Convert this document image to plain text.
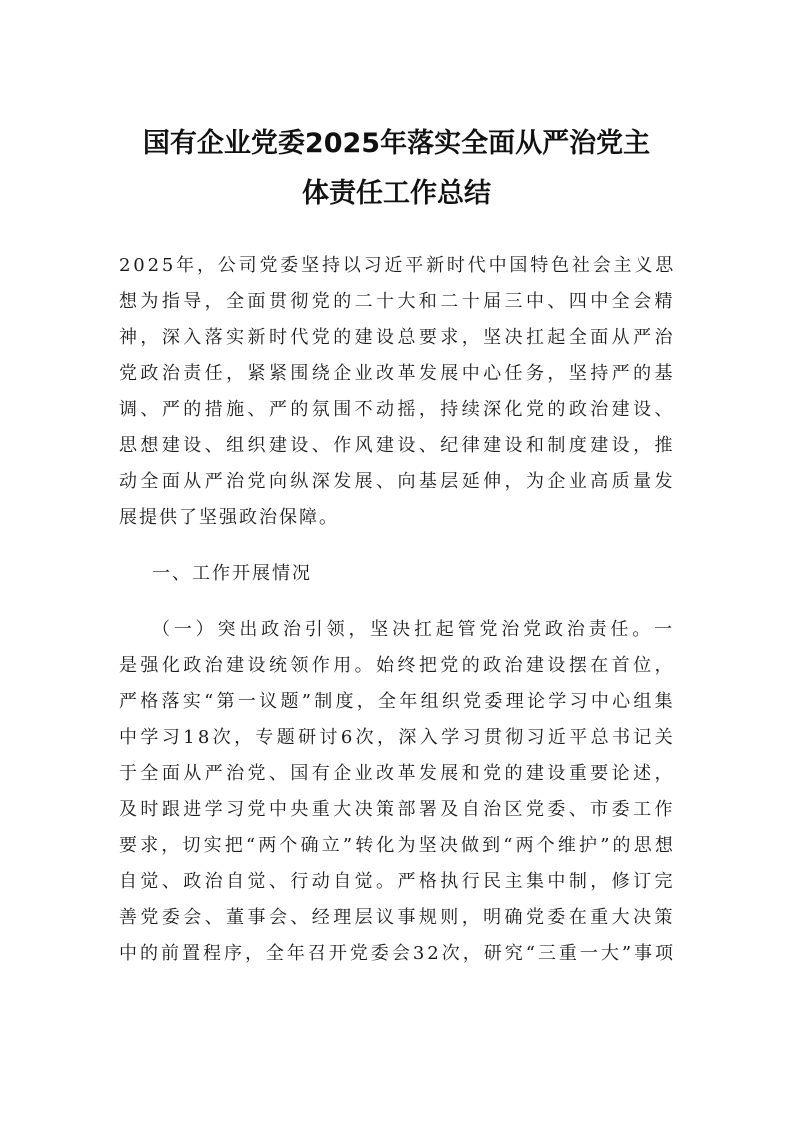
国有企业党委2025年落实全面从严治党主
体责任工作总结
2025年，公司党委坚持以习近平新时代中国特色社会主义思
想为指导，全面贯彻党的二十大和二十届三中、四中全会精
神，深入落实新时代党的建设总要求，坚决扛起全面从严治
党政治责任，紧紧围绕企业改革发展中心任务，坚持严的基
调、严的措施、严的氛围不动摇，持续深化党的政治建设、
思想建设、组织建设、作风建设、纪律建设和制度建设，推
动全面从严治党向纵深发展、向基层延伸，为企业高质量发
展提供了坚强政治保障。
一、工作开展情况
（一）突出政治引领，坚决扛起管党治党政治责任。一
是强化政治建设统领作用。始终把党的政治建设摆在首位，
严格落实“第一议题”制度，全年组织党委理论学习中心组集
中学习18次，专题研讨6次，深入学习贯彻习近平总书记关
于全面从严治党、国有企业改革发展和党的建设重要论述，
及时跟进学习党中央重大决策部署及自治区党委、市委工作
要求，切实把“两个确立”转化为坚决做到“两个维护”的思想
自觉、政治自觉、行动自觉。严格执行民主集中制，修订完
善党委会、董事会、经理层议事规则，明确党委在重大决策
中的前置程序，全年召开党委会32次，研究“三重一大”事项
